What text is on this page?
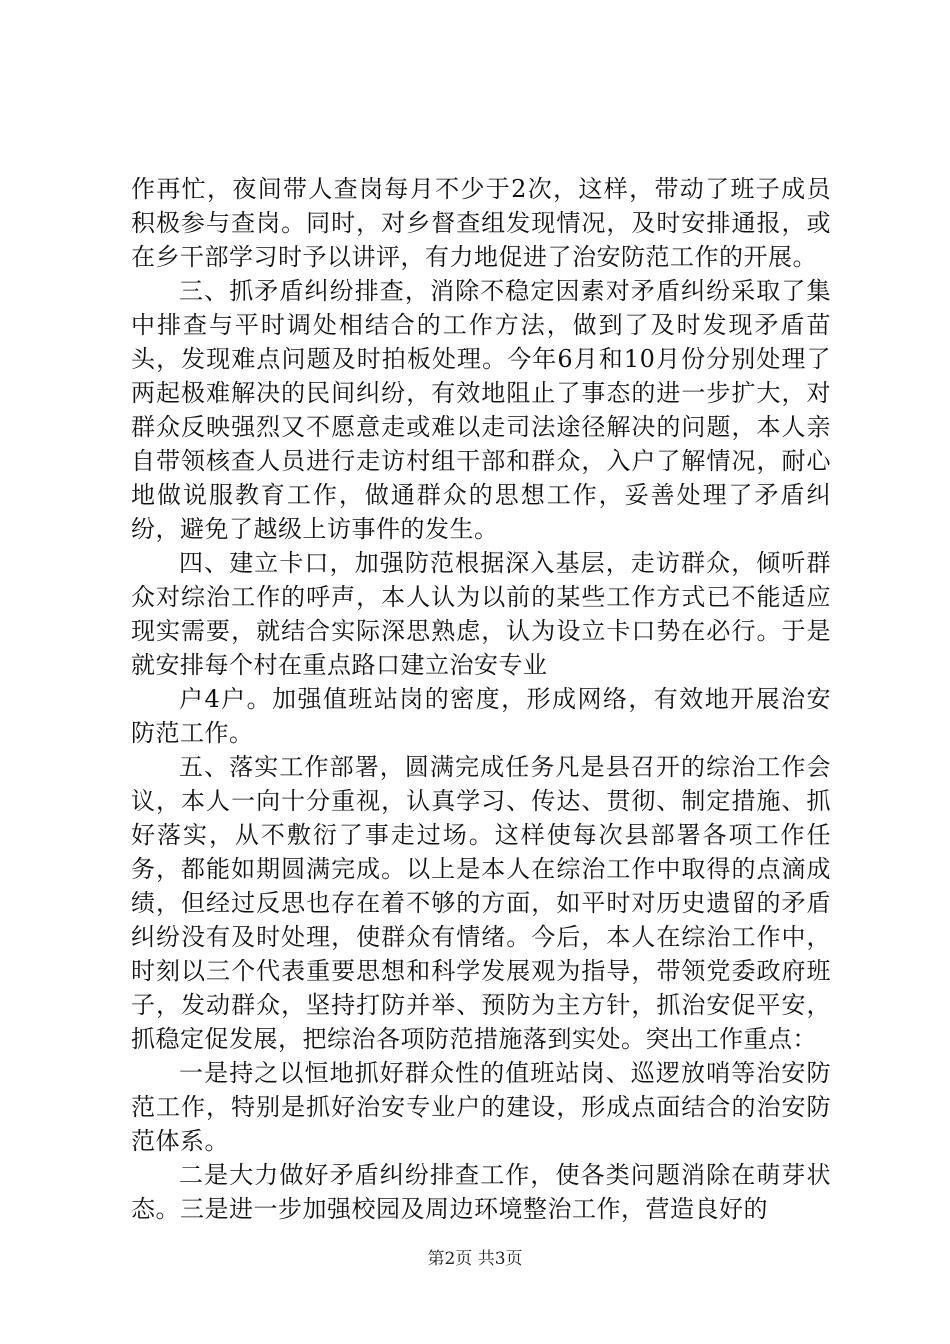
作再忙，夜间带人查岗每月不少于2次，这样，带动了班子成员积极参与查岗。同时，对乡督查组发现情况，及时安排通报，或在乡干部学习时予以讲评，有力地促进了治安防范工作的开展。

三、抓矛盾纠纷排查，消除不稳定因素对矛盾纠纷采取了集中排查与平时调处相结合的工作方法，做到了及时发现矛盾苗头，发现难点问题及时拍板处理。今年6月和10月份分别处理了两起极难解决的民间纠纷，有效地阻止了事态的进一步扩大，对群众反映强烈又不愿意走或难以走司法途径解决的问题，本人亲自带领核查人员进行走访村组干部和群众，入户了解情况，耐心地做说服教育工作，做通群众的思想工作，妥善处理了矛盾纠纷，避免了越级上访事件的发生。

四、建立卡口，加强防范根据深入基层，走访群众，倾听群众对综治工作的呼声，本人认为以前的某些工作方式已不能适应现实需要，就结合实际深思熟虑，认为设立卡口势在必行。于是就安排每个村在重点路口建立治安专业

户4户。加强值班站岗的密度，形成网络，有效地开展治安防范工作。

五、落实工作部署，圆满完成任务凡是县召开的综治工作会议，本人一向十分重视，认真学习、传达、贯彻、制定措施、抓好落实，从不敷衍了事走过场。这样使每次县部署各项工作任务，都能如期圆满完成。以上是本人在综治工作中取得的点滴成绩，但经过反思也存在着不够的方面，如平时对历史遗留的矛盾纠纷没有及时处理，使群众有情绪。今后，本人在综治工作中，时刻以三个代表重要思想和科学发展观为指导，带领党委政府班子，发动群众，坚持打防并举、预防为主方针，抓治安促平安，抓稳定促发展，把综治各项防范措施落到实处。突出工作重点：

一是持之以恒地抓好群众性的值班站岗、巡逻放哨等治安防范工作，特别是抓好治安专业户的建设，形成点面结合的治安防范体系。

二是大力做好矛盾纠纷排查工作，使各类问题消除在萌芽状态。三是进一步加强校园及周边环境整治工作，营造良好的

第2页 共3页
